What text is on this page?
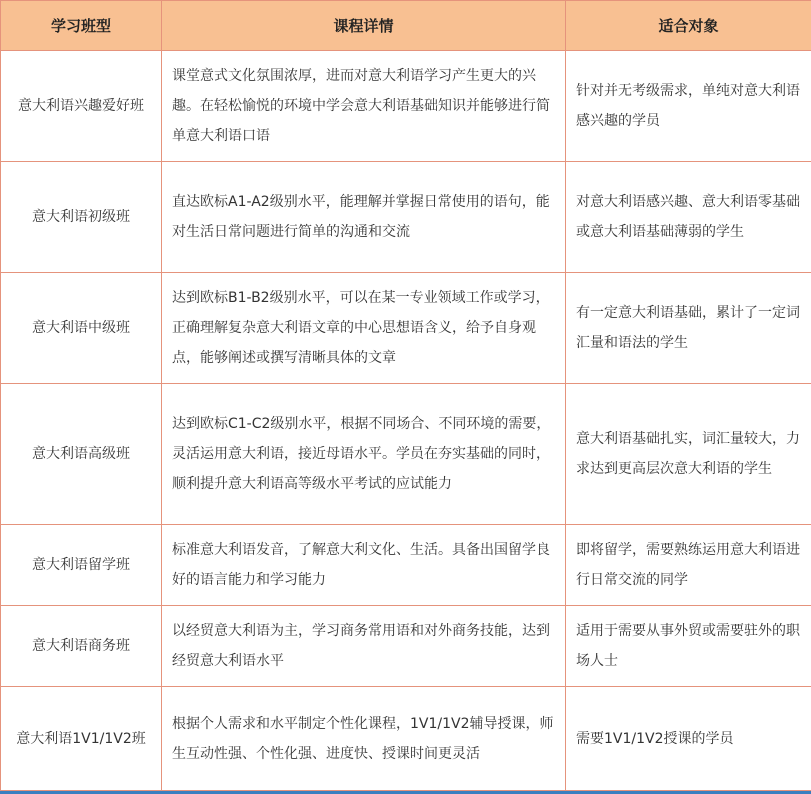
学习班型	课程详情	适合对象
意大利语兴趣爱好班	课堂意式文化氛围浓厚，进而对意大利语学习产生更大的兴趣。在轻松愉悦的环境中学会意大利语基础知识并能够进行简单意大利语口语	针对并无考级需求，单纯对意大利语感兴趣的学员
意大利语初级班	直达欧标A1-A2级别水平，能理解并掌握日常使用的语句，能对生活日常问题进行简单的沟通和交流	对意大利语感兴趣、意大利语零基础或意大利语基础薄弱的学生
意大利语中级班	达到欧标B1-B2级别水平，可以在某一专业领域工作或学习，正确理解复杂意大利语文章的中心思想语含义，给予自身观点，能够阐述或撰写清晰具体的文章	有一定意大利语基础，累计了一定词汇量和语法的学生
意大利语高级班	达到欧标C1-C2级别水平，根据不同场合、不同环境的需要，灵活运用意大利语，接近母语水平。学员在夯实基础的同时，顺利提升意大利语高等级水平考试的应试能力	意大利语基础扎实，词汇量较大，力求达到更高层次意大利语的学生
意大利语留学班	标准意大利语发音，了解意大利文化、生活。具备出国留学良好的语言能力和学习能力	即将留学，需要熟练运用意大利语进行日常交流的同学
意大利语商务班	以经贸意大利语为主，学习商务常用语和对外商务技能，达到经贸意大利语水平	适用于需要从事外贸或需要驻外的职场人士
意大利语1V1/1V2班	根据个人需求和水平制定个性化课程，1V1/1V2辅导授课，师生互动性强、个性化强、进度快、授课时间更灵活	需要1V1/1V2授课的学员
